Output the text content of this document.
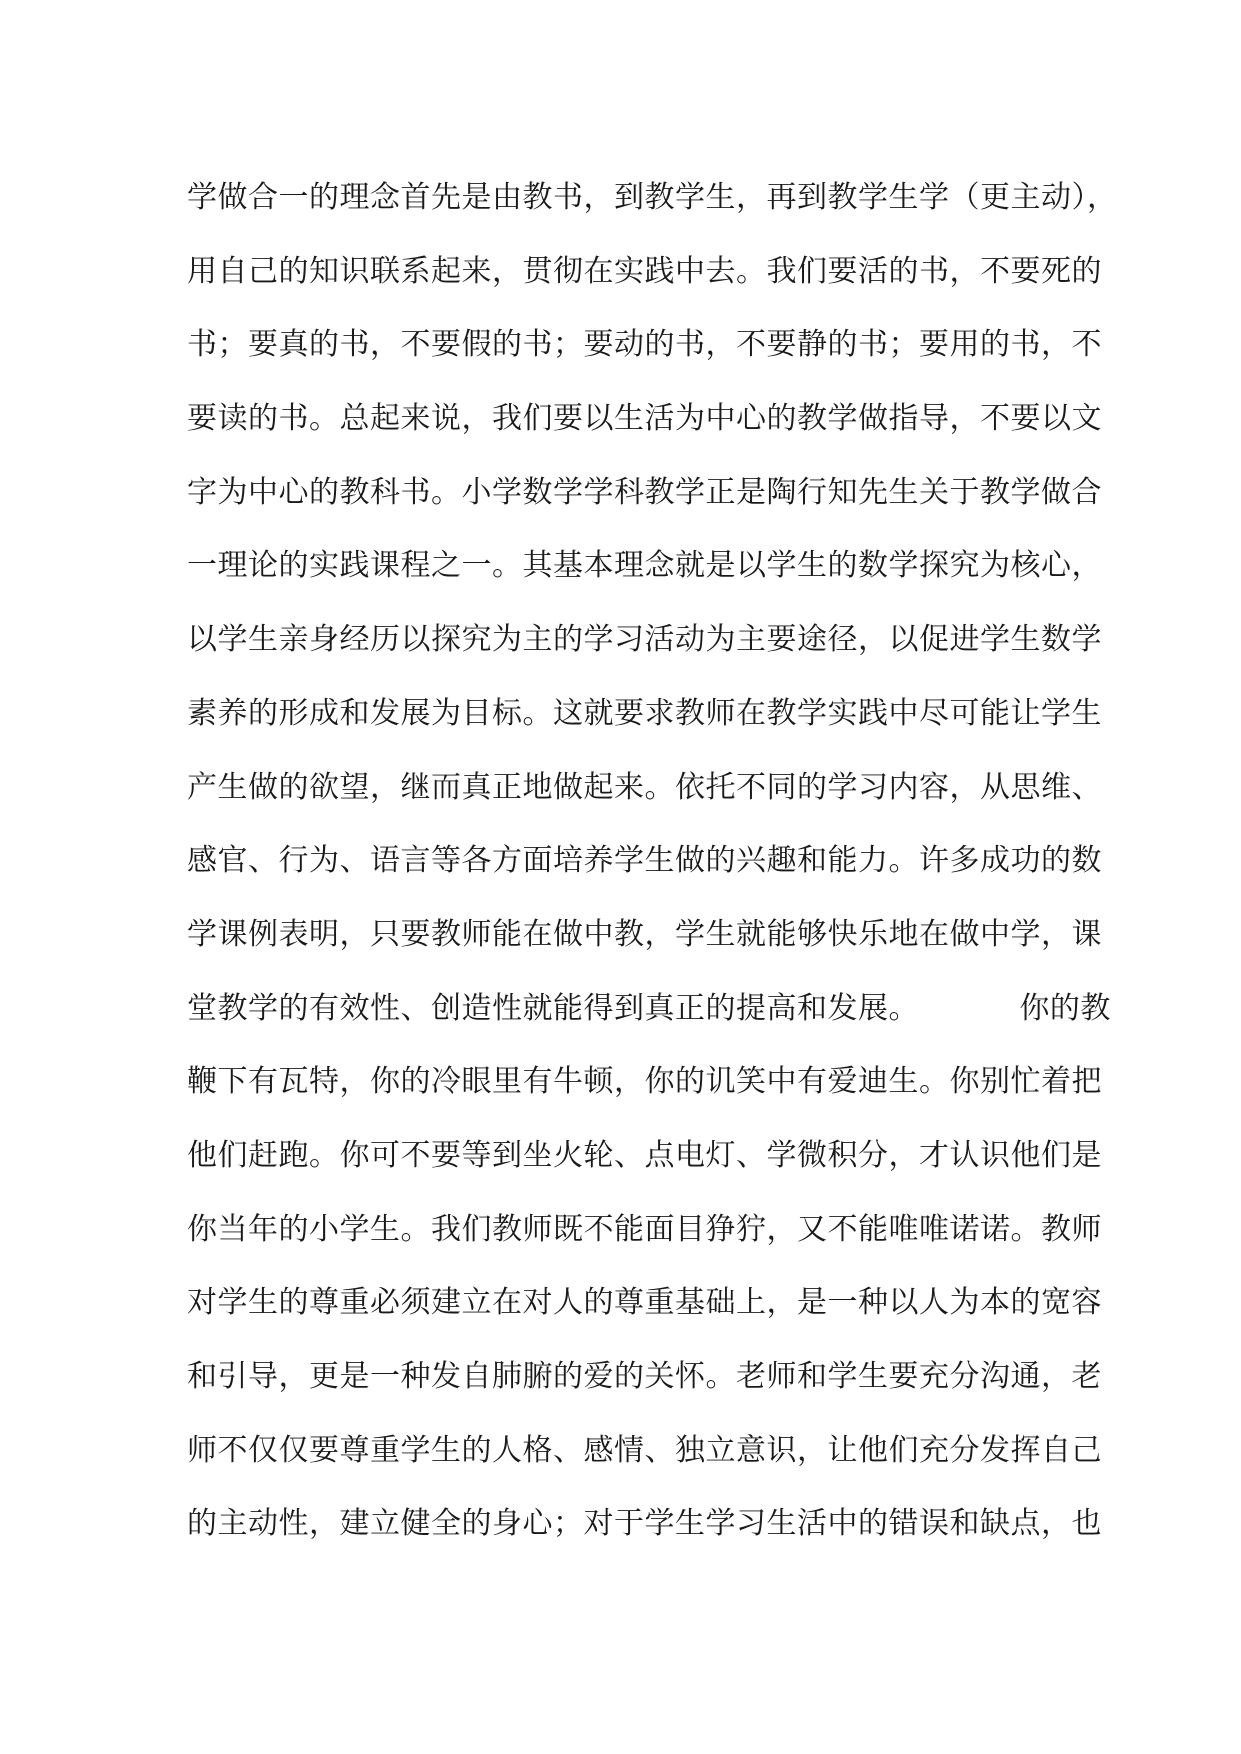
学做合一的理念首先是由教书，到教学生，再到教学生学（更主动），
用自己的知识联系起来，贯彻在实践中去。我们要活的书，不要死的
书；要真的书，不要假的书；要动的书，不要静的书；要用的书，不
要读的书。总起来说，我们要以生活为中心的教学做指导，不要以文
字为中心的教科书。小学数学学科教学正是陶行知先生关于教学做合
一理论的实践课程之一。其基本理念就是以学生的数学探究为核心，
以学生亲身经历以探究为主的学习活动为主要途径，以促进学生数学
素养的形成和发展为目标。这就要求教师在教学实践中尽可能让学生
产生做的欲望，继而真正地做起来。依托不同的学习内容，从思维、
感官、行为、语言等各方面培养学生做的兴趣和能力。许多成功的数
学课例表明，只要教师能在做中教，学生就能够快乐地在做中学，课
堂教学的有效性、创造性就能得到真正的提高和发展。          你的教
鞭下有瓦特，你的冷眼里有牛顿，你的讥笑中有爱迪生。你别忙着把
他们赶跑。你可不要等到坐火轮、点电灯、学微积分，才认识他们是
你当年的小学生。我们教师既不能面目狰狞，又不能唯唯诺诺。教师
对学生的尊重必须建立在对人的尊重基础上，是一种以人为本的宽容
和引导，更是一种发自肺腑的爱的关怀。老师和学生要充分沟通，老
师不仅仅要尊重学生的人格、感情、独立意识，让他们充分发挥自己
的主动性，建立健全的身心；对于学生学习生活中的错误和缺点，也
